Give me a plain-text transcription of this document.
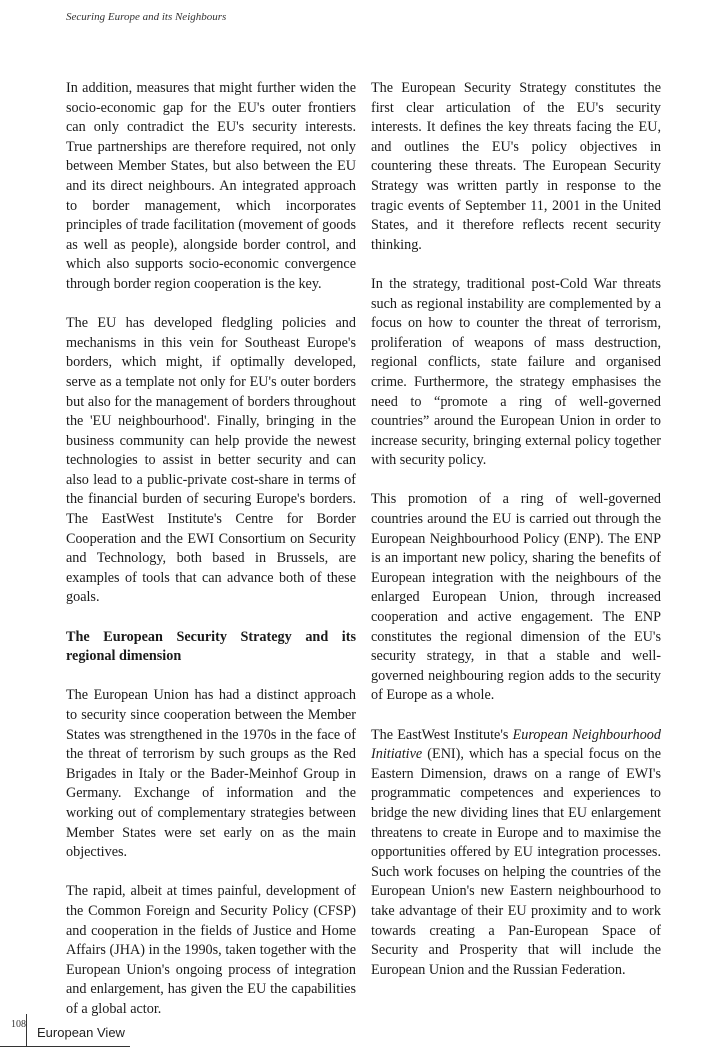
Securing Europe and its Neighbours

In addition, measures that might further widen the socio-economic gap for the EU's outer frontiers can only contradict the EU's security interests. True partnerships are therefore required, not only between Member States, but also between the EU and its direct neighbours. An integrated approach to border management, which incorporates principles of trade facilitation (movement of goods as well as people), alongside border control, and which also supports socio-economic convergence through border region cooperation is the key.

The EU has developed fledgling policies and mechanisms in this vein for Southeast Europe's borders, which might, if optimally developed, serve as a template not only for EU's outer borders but also for the management of borders throughout the 'EU neighbourhood'. Finally, bringing in the business community can help provide the newest technologies to assist in better security and can also lead to a public-private cost-share in terms of the financial burden of securing Europe's borders. The EastWest Institute's Centre for Border Cooperation and the EWI Consortium on Security and Technology, both based in Brussels, are examples of tools that can advance both of these goals.

The European Security Strategy and its regional dimension

The European Union has had a distinct approach to security since cooperation between the Member States was strengthened in the 1970s in the face of the threat of terrorism by such groups as the Red Brigades in Italy or the Bader-Meinhof Group in Germany. Exchange of information and the working out of complementary strategies between Member States were set early on as the main objectives.

The rapid, albeit at times painful, development of the Common Foreign and Security Policy (CFSP) and cooperation in the fields of Justice and Home Affairs (JHA) in the 1990s, taken together with the European Union's ongoing process of integration and enlargement, has given the EU the capabilities of a global actor.

The European Security Strategy constitutes the first clear articulation of the EU's security interests. It defines the key threats facing the EU, and outlines the EU's policy objectives in countering these threats. The European Security Strategy was written partly in response to the tragic events of September 11, 2001 in the United States, and it therefore reflects recent security thinking.

In the strategy, traditional post-Cold War threats such as regional instability are complemented by a focus on how to counter the threat of terrorism, proliferation of weapons of mass destruction, regional conflicts, state failure and organised crime. Furthermore, the strategy emphasises the need to “promote a ring of well-governed countries” around the European Union in order to increase security, bringing external policy together with security policy.

This promotion of a ring of well-governed countries around the EU is carried out through the European Neighbourhood Policy (ENP). The ENP is an important new policy, sharing the benefits of European integration with the neighbours of the enlarged European Union, through increased cooperation and active engagement. The ENP constitutes the regional dimension of the EU's security strategy, in that a stable and well-governed neighbouring region adds to the security of Europe as a whole.

The EastWest Institute's European Neighbourhood Initiative (ENI), which has a special focus on the Eastern Dimension, draws on a range of EWI's programmatic competences and experiences to bridge the new dividing lines that EU enlargement threatens to create in Europe and to maximise the opportunities offered by EU integration processes. Such work focuses on helping the countries of the European Union's new Eastern neighbourhood to take advantage of their EU proximity and to work towards creating a Pan-European Space of Security and Prosperity that will include the European Union and the Russian Federation.

108
European View
